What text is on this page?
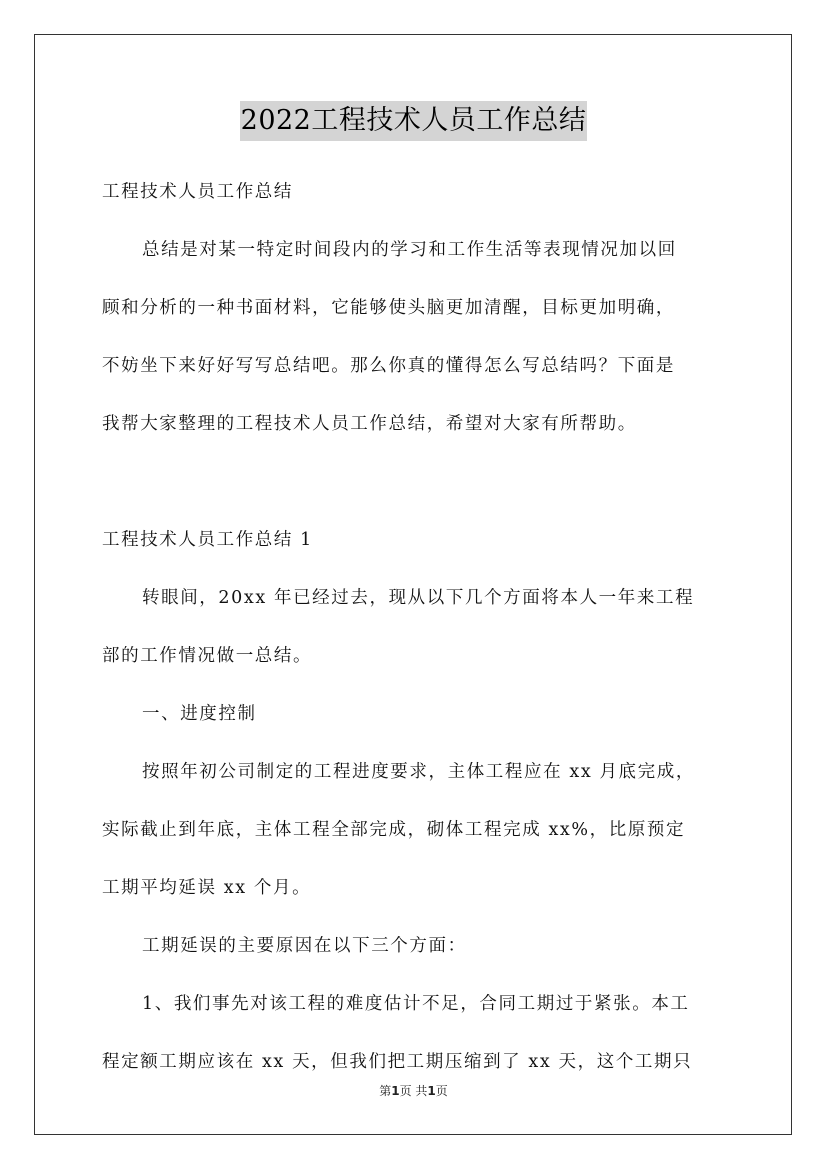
2022工程技术人员工作总结
工程技术人员工作总结
总结是对某一特定时间段内的学习和工作生活等表现情况加以回
顾和分析的一种书面材料，它能够使头脑更加清醒，目标更加明确，
不妨坐下来好好写写总结吧。那么你真的懂得怎么写总结吗？下面是
我帮大家整理的工程技术人员工作总结，希望对大家有所帮助。
工程技术人员工作总结 1
转眼间，20xx 年已经过去，现从以下几个方面将本人一年来工程
部的工作情况做一总结。
一、进度控制
按照年初公司制定的工程进度要求，主体工程应在 xx 月底完成，
实际截止到年底，主体工程全部完成，砌体工程完成 xx%，比原预定
工期平均延误 xx 个月。
工期延误的主要原因在以下三个方面：
1、我们事先对该工程的难度估计不足，合同工期过于紧张。本工
程定额工期应该在 xx 天，但我们把工期压缩到了 xx 天，这个工期只
第1页 共1页
